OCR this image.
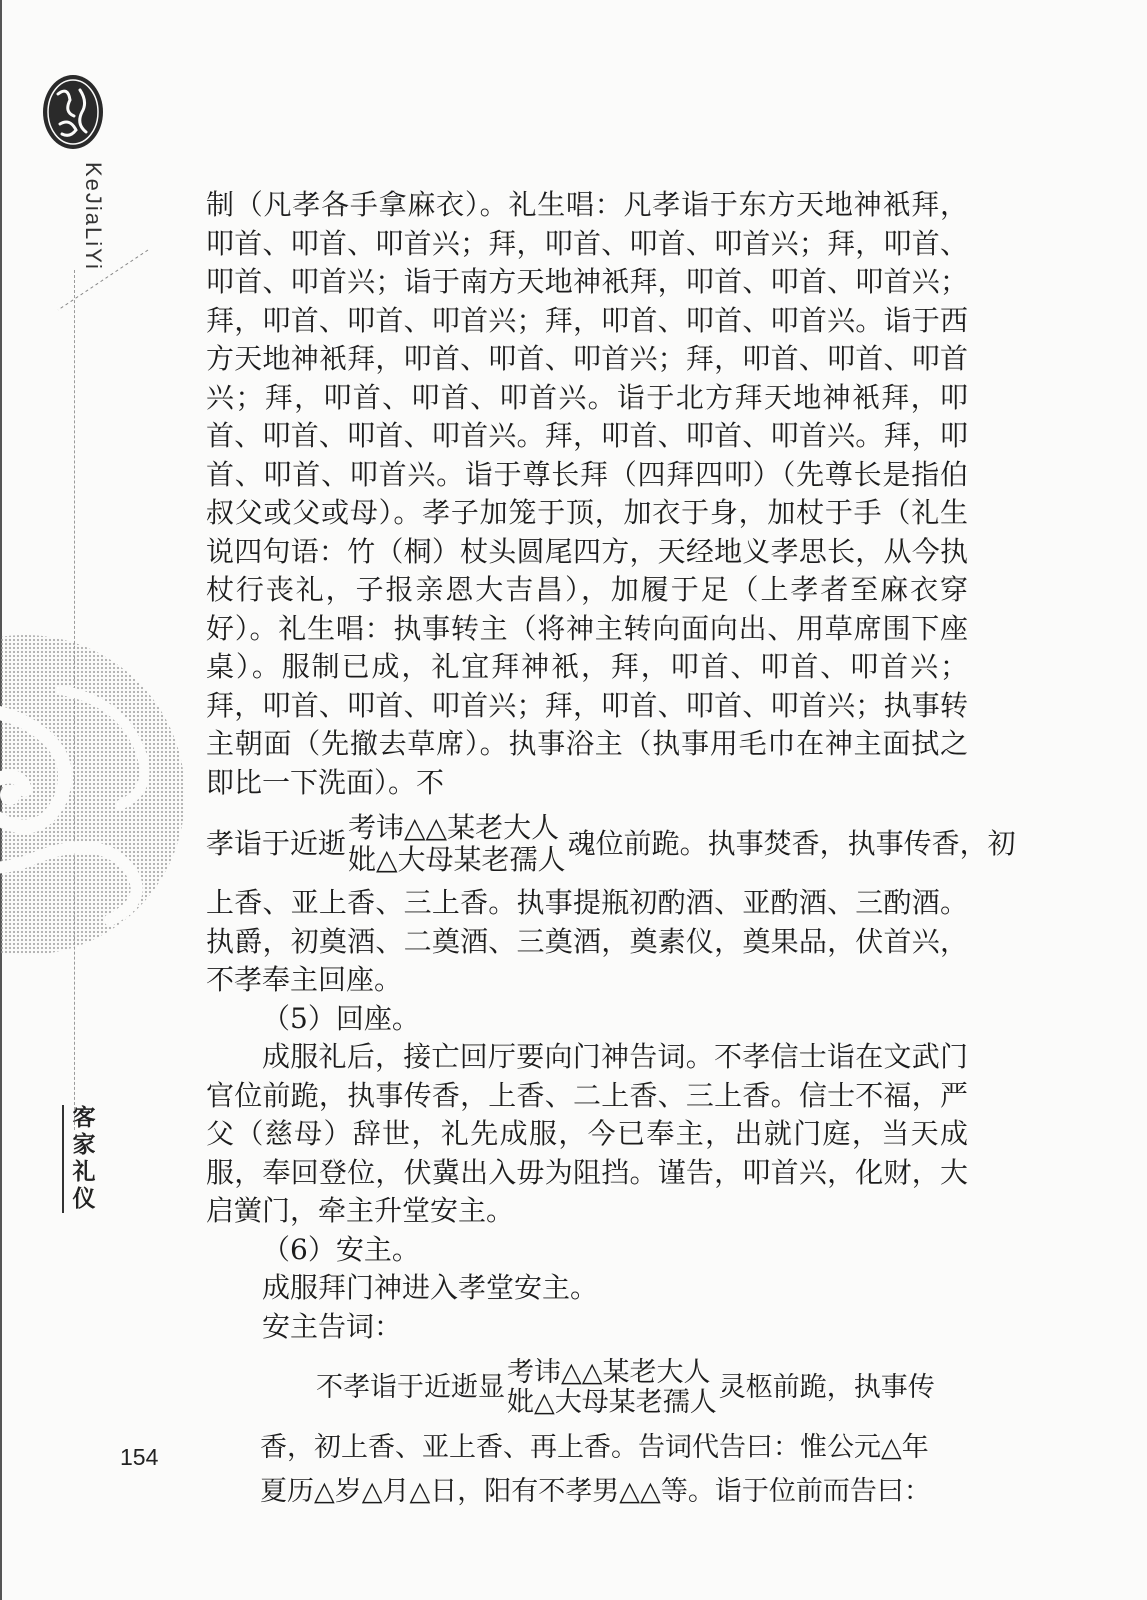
KeJiaLiYi
客
家
礼
仪

制（凡孝各手拿麻衣）。礼生唱：凡孝诣于东方天地神衹拜，叩首、叩首、叩首兴；拜，叩首、叩首、叩首兴；拜，叩首、叩首、叩首兴；诣于南方天地神衹拜，叩首、叩首、叩首兴；拜，叩首、叩首、叩首兴；拜，叩首、叩首、叩首兴。诣于西方天地神衹拜，叩首、叩首、叩首兴；拜，叩首、叩首、叩首兴；拜，叩首、叩首、叩首兴。诣于北方拜天地神衹拜，叩首、叩首、叩首、叩首兴。拜，叩首、叩首、叩首兴。拜，叩首、叩首、叩首兴。诣于尊长拜（四拜四叩）（先尊长是指伯叔父或父或母）。孝子加笼于顶，加衣于身，加杖于手（礼生说四句语：竹（桐）杖头圆尾四方，天经地义孝思长，从今执杖行丧礼，子报亲恩大吉昌），加履于足（上孝者至麻衣穿好）。礼生唱：执事转主（将神主转向面向出、用草席围下座桌）。服制已成，礼宜拜神衹，拜，叩首、叩首、叩首兴；拜，叩首、叩首、叩首兴；拜，叩首、叩首、叩首兴；执事转主朝面（先撤去草席）。执事浴主（执事用毛巾在神主面拭之即比一下洗面）。不

孝诣于近逝 考讳△△某老大人
妣△大母某老孺人 魂位前跪。执事焚香，执事传香，初

上香、亚上香、三上香。执事提瓶初酌酒、亚酌酒、三酌酒。执爵，初奠酒、二奠酒、三奠酒，奠素仪，奠果品，伏首兴，不孝奉主回座。

（5）回座。

成服礼后，接亡回厅要向门神告词。不孝信士诣在文武门官位前跪，执事传香，上香、二上香、三上香。信士不福，严父（慈母）辞世，礼先成服，今已奉主，出就门庭，当天成服，奉回登位，伏冀出入毋为阻挡。谨告，叩首兴，化财，大启黉门，牵主升堂安主。

（6）安主。

成服拜门神进入孝堂安主。

安主告词：

不孝诣于近逝显 考讳△△某老大人
妣△大母某老孺人 灵柩前跪，执事传

香，初上香、亚上香、再上香。告词代告曰：惟公元△年

夏历△岁△月△日，阳有不孝男△△等。诣于位前而告曰：

154
